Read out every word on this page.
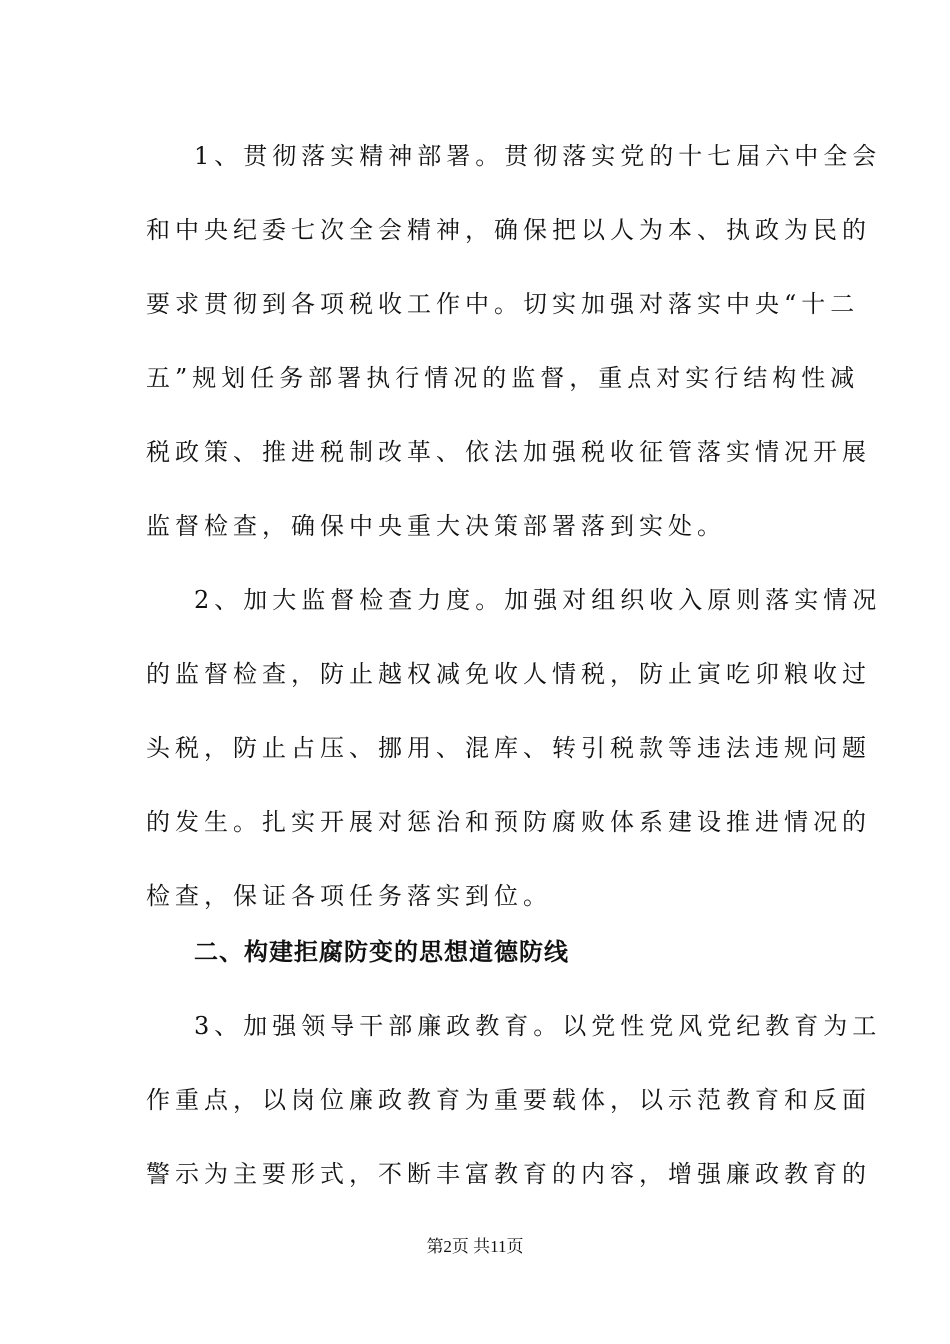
1、贯彻落实精神部署。贯彻落实党的十七届六中全会
和中央纪委七次全会精神，确保把以人为本、执政为民的
要求贯彻到各项税收工作中。切实加强对落实中央“十二
五”规划任务部署执行情况的监督，重点对实行结构性减
税政策、推进税制改革、依法加强税收征管落实情况开展
监督检查，确保中央重大决策部署落到实处。
2、加大监督检查力度。加强对组织收入原则落实情况
的监督检查，防止越权减免收人情税，防止寅吃卯粮收过
头税，防止占压、挪用、混库、转引税款等违法违规问题
的发生。扎实开展对惩治和预防腐败体系建设推进情况的
检查，保证各项任务落实到位。
二、构建拒腐防变的思想道德防线
3、加强领导干部廉政教育。以党性党风党纪教育为工
作重点，以岗位廉政教育为重要载体，以示范教育和反面
警示为主要形式，不断丰富教育的内容，增强廉政教育的
第2页 共11页
